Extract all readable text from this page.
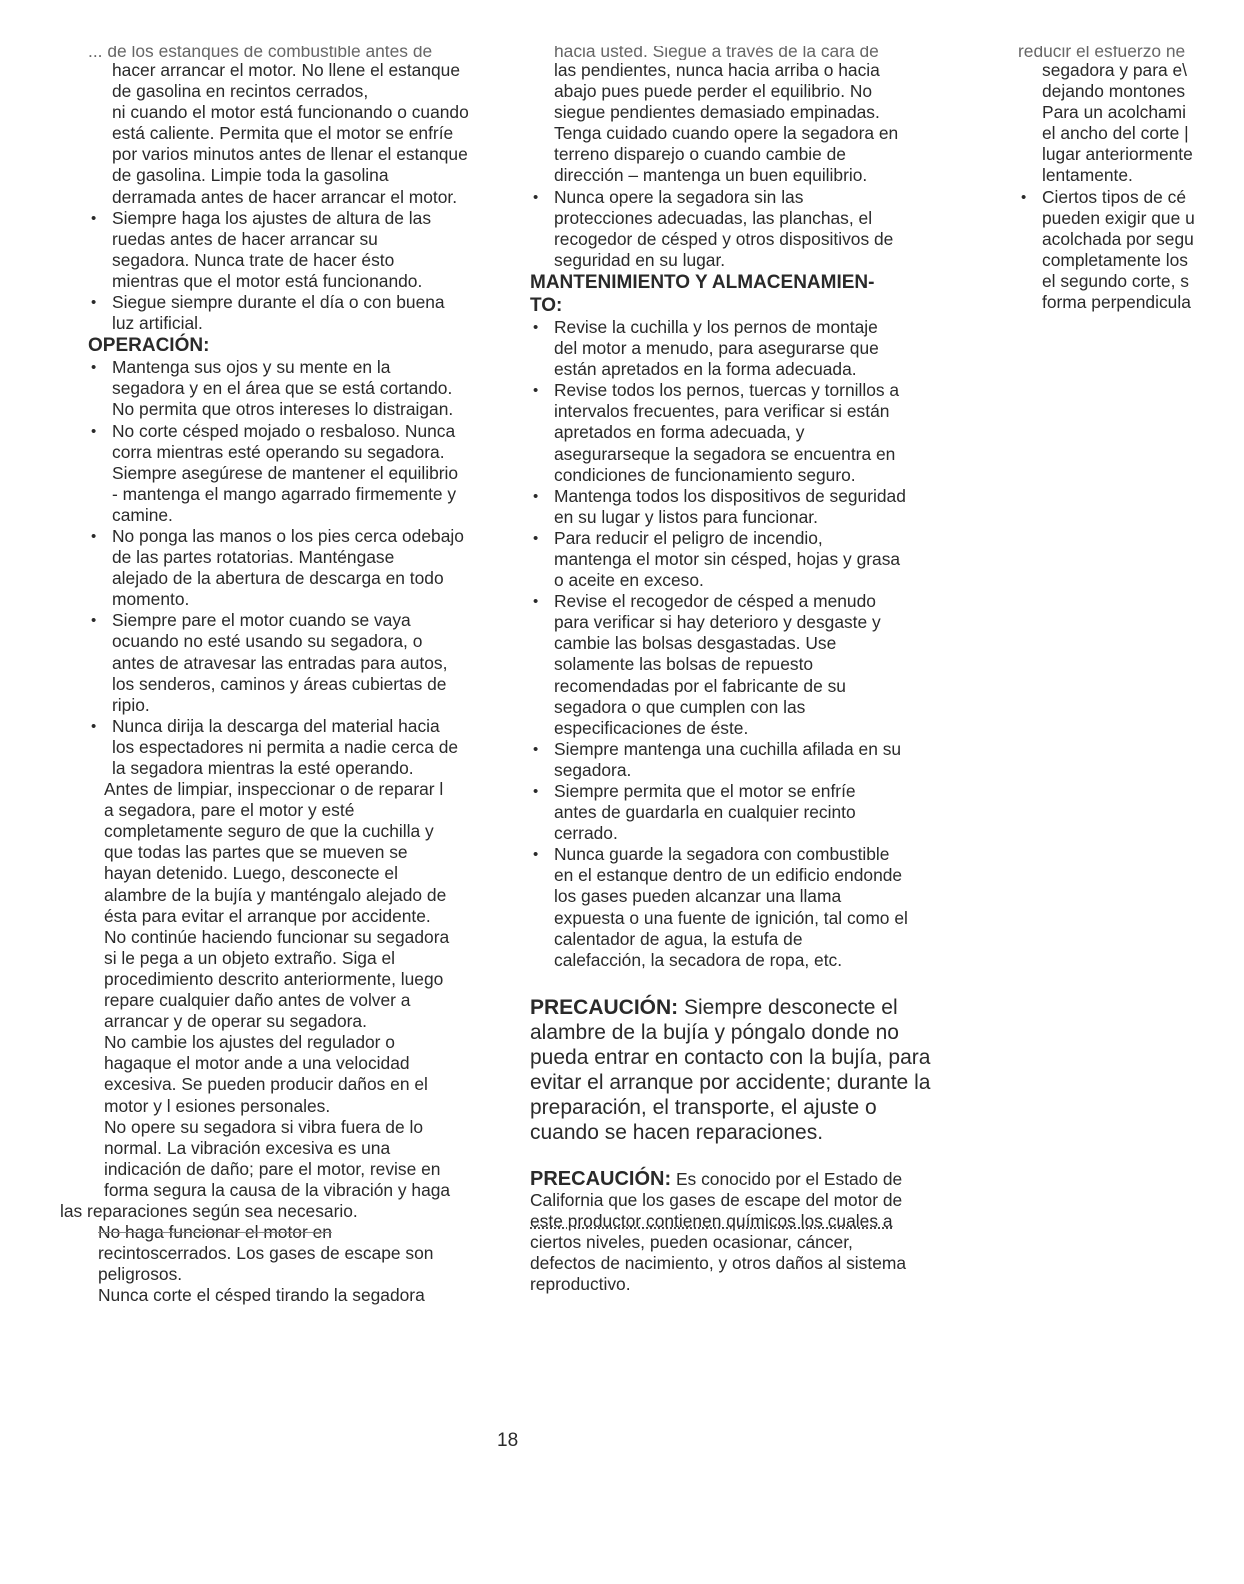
... de los estanques de combustible antes de
hacer arrancar el motor. No llene el estanque
de gasolina en recintos cerrados,
ni cuando el motor está funcionando o cuando
está caliente. Permita que el motor se enfríe
por varios minutos antes de llenar el estanque
de gasolina. Limpie toda la gasolina
derramada antes de hacer arrancar el motor.
• Siempre haga los ajustes de altura de las
ruedas antes de hacer arrancar su
segadora. Nunca trate de hacer ésto
mientras que el motor está funcionando.
• Siegue siempre durante el día o con buena
luz artificial.
OPERACIÓN:
• Mantenga sus ojos y su mente en la
segadora y en el área que se está cortando.
No permita que otros intereses lo distraigan.
• No corte césped mojado o resbaloso. Nunca
corra mientras esté operando su segadora.
Siempre asegúrese de mantener el equilibrio
- mantenga el mango agarrado firmemente y
camine.
• No ponga las manos o los pies cerca odebajo
de las partes rotatorias. Manténgase
alejado de la abertura de descarga en todo
momento.
• Siempre pare el motor cuando se vaya
ocuando no esté usando su segadora, o
antes de atravesar las entradas para autos,
los senderos, caminos y áreas cubiertas de
ripio.
• Nunca dirija la descarga del material hacia
los espectadores ni permita a nadie cerca de
la segadora mientras la esté operando.
Antes de limpiar, inspeccionar o de reparar l
a segadora, pare el motor y esté
completamente seguro de que la cuchilla y
que todas las partes que se mueven se
hayan detenido. Luego, desconecte el
alambre de la bujía y manténgalo alejado de
ésta para evitar el arranque por accidente.
No continúe haciendo funcionar su segadora
si le pega a un objeto extraño. Siga el
procedimiento descrito anteriormente, luego
repare cualquier daño antes de volver a
arrancar y de operar su segadora.
No cambie los ajustes del regulador o
hagaque el motor ande a una velocidad
excesiva. Se pueden producir daños en el
motor y l esiones personales.
No opere su segadora si vibra fuera de lo
normal. La vibración excesiva es una
indicación de daño; pare el motor, revise en
forma segura la causa de la vibración y haga
las reparaciones según sea necesario.
No haga funcionar el motor en
recintoscerrados. Los gases de escape son
peligrosos.
Nunca corte el césped tirando la segadora
hacia usted. Siegue a través de la cara de
las pendientes, nunca hacia arriba o hacia
abajo pues puede perder el equilibrio. No
siegue pendientes demasiado empinadas.
Tenga cuidado cuando opere la segadora en
terreno disparejo o cuando cambie de
dirección – mantenga un buen equilibrio.
• Nunca opere la segadora sin las
protecciones adecuadas, las planchas, el
recogedor de césped y otros dispositivos de
seguridad en su lugar.
MANTENIMIENTO Y ALMACENAMIEN-
TO:
• Revise la cuchilla y los pernos de montaje
del motor a menudo, para asegurarse que
están apretados en la forma adecuada.
• Revise todos los pernos, tuercas y tornillos a
intervalos frecuentes, para verificar si están
apretados en forma adecuada, y
asegurarseque la segadora se encuentra en
condiciones de funcionamiento seguro.
• Mantenga todos los dispositivos de seguridad
en su lugar y listos para funcionar.
• Para reducir el peligro de incendio,
mantenga el motor sin césped, hojas y grasa
o aceite en exceso.
• Revise el recogedor de césped a menudo
para verificar si hay deterioro y desgaste y
cambie las bolsas desgastadas. Use
solamente las bolsas de repuesto
recomendadas por el fabricante de su
segadora o que cumplen con las
especificaciones de éste.
• Siempre mantenga una cuchilla afilada en su
segadora.
• Siempre permita que el motor se enfríe
antes de guardarla en cualquier recinto
cerrado.
• Nunca guarde la segadora con combustible
en el estanque dentro de un edificio endonde
los gases pueden alcanzar una llama
expuesta o una fuente de ignición, tal como el
calentador de agua, la estufa de
calefacción, la secadora de ropa, etc.
PRECAUCIÓN: Siempre desconecte el
alambre de la bujía y póngalo donde no
pueda entrar en contacto con la bujía, para
evitar el arranque por accidente; durante la
preparación, el transporte, el ajuste o
cuando se hacen reparaciones.
PRECAUCIÓN: Es conocido por el Estado de
California que los gases de escape del motor de
este productor contienen químicos los cuales a
ciertos niveles, pueden ocasionar, cáncer,
defectos de nacimiento, y otros daños al sistema
reproductivo.
reducir el esfuerzo ne
segadora y para e\
dejando montones
Para un acolchami
el ancho del corte |
lugar anteriormente
lentamente.
• Ciertos tipos de cé
pueden exigir que u
acolchada por segu
completamente los
el segundo corte, s
forma perpendicula
18
